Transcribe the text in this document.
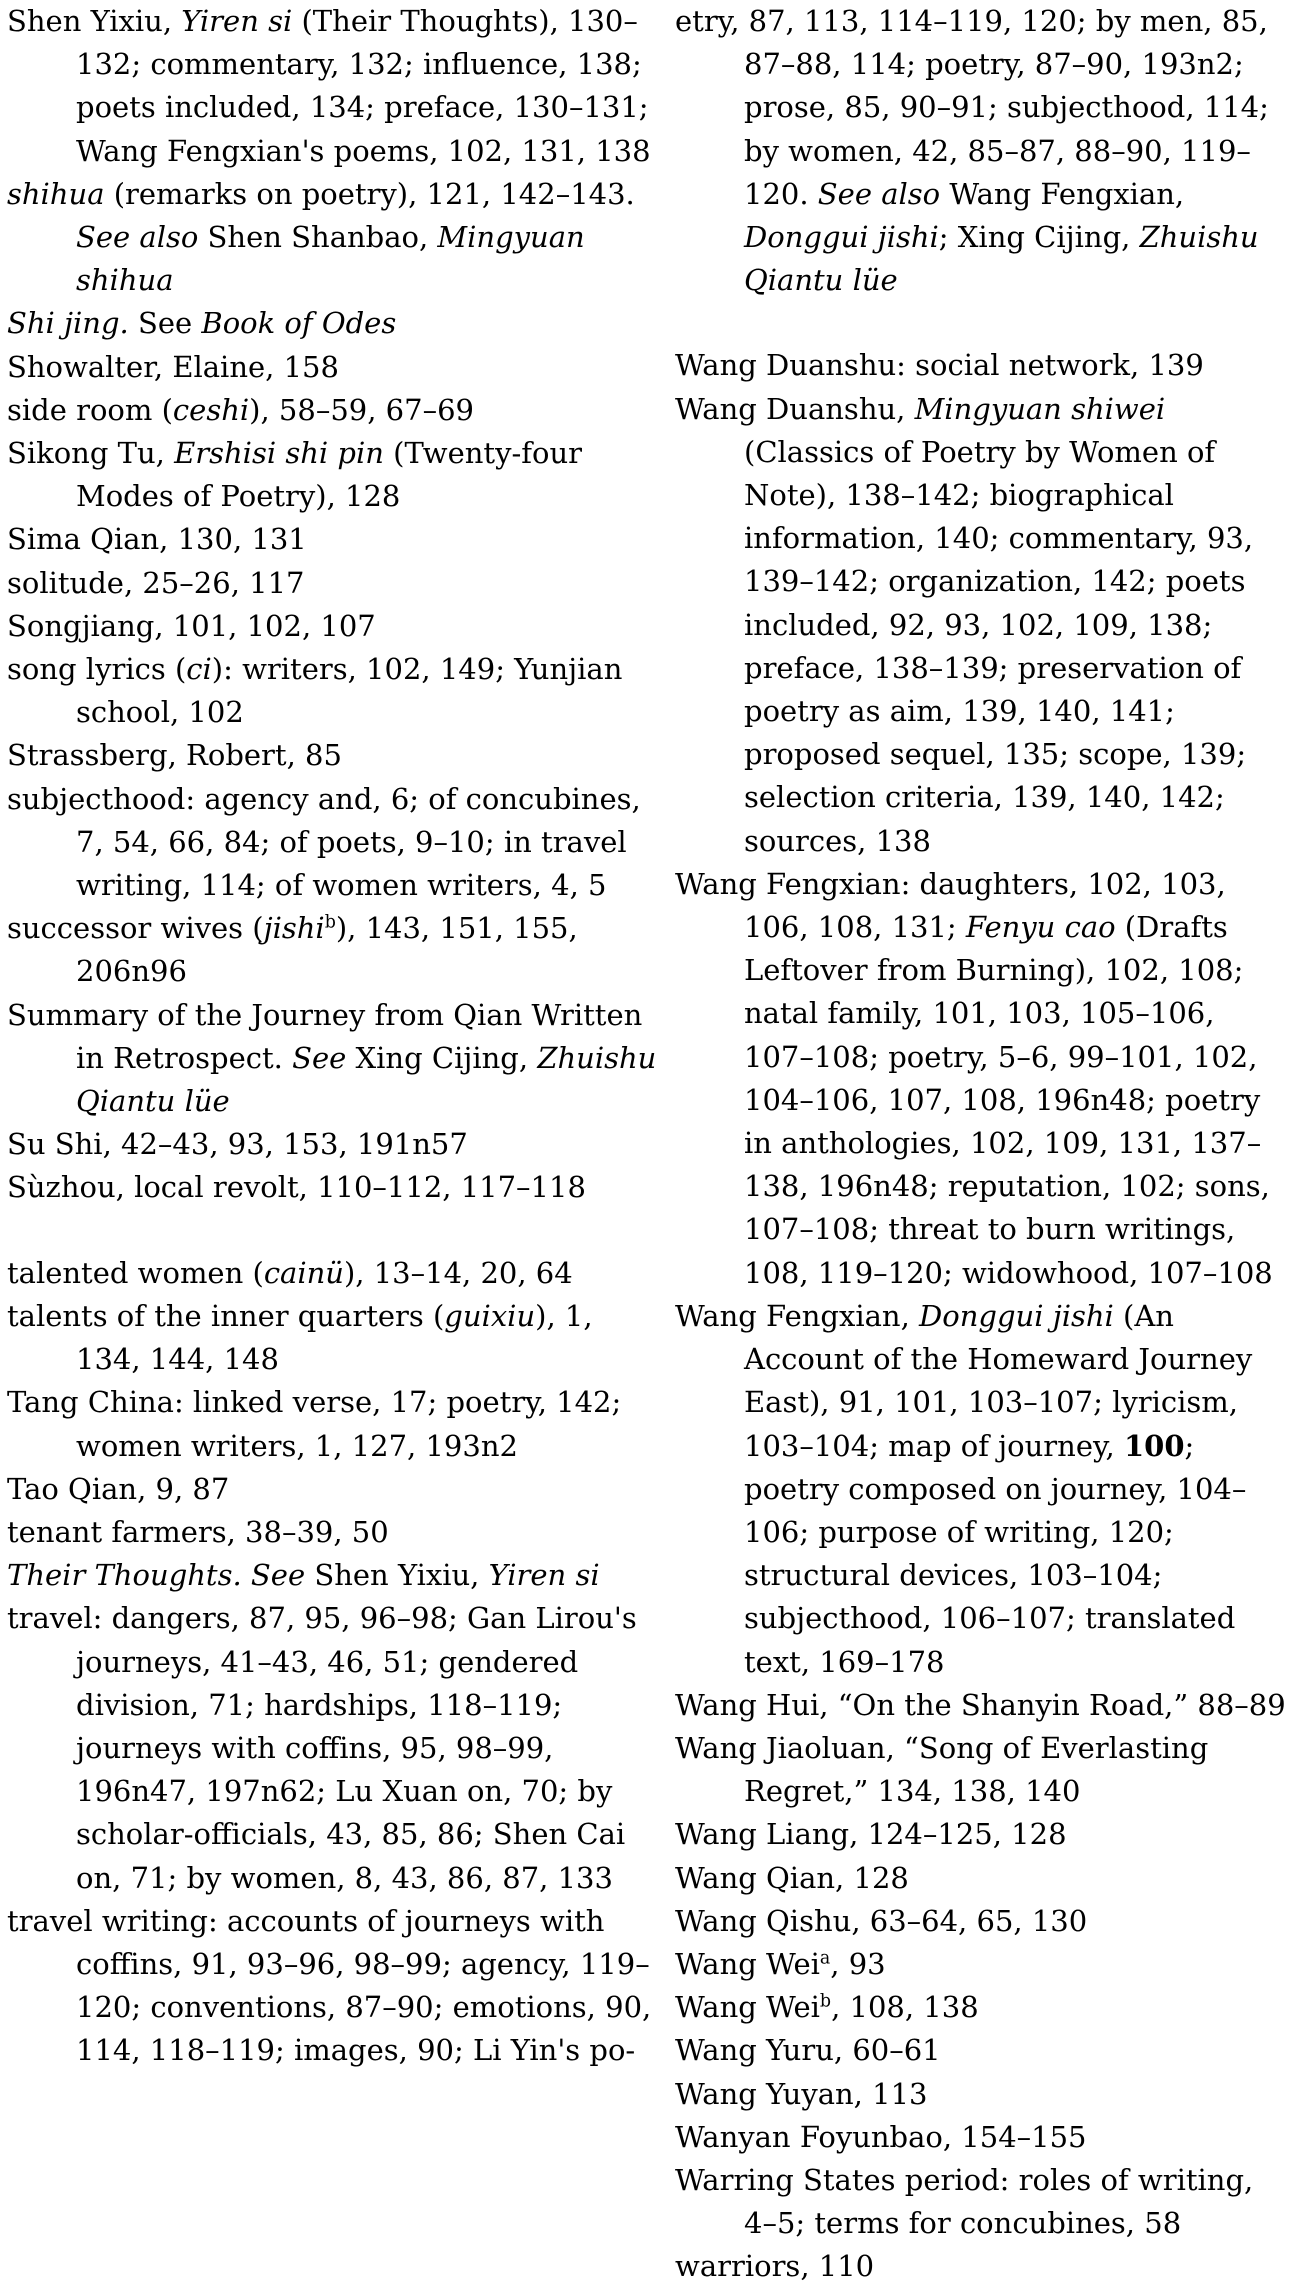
Shen Yixiu, Yiren si (Their Thoughts), 130–132; commentary, 132; influence, 138; poets included, 134; preface, 130–131; Wang Fengxian's poems, 102, 131, 138

shihua (remarks on poetry), 121, 142–143. See also Shen Shanbao, Mingyuan shihua

Shi jing. See Book of Odes

Showalter, Elaine, 158

side room (ceshi), 58–59, 67–69

Sikong Tu, Ershisi shi pin (Twenty-four Modes of Poetry), 128

Sima Qian, 130, 131

solitude, 25–26, 117

Songjiang, 101, 102, 107

song lyrics (ci): writers, 102, 149; Yunjian school, 102

Strassberg, Robert, 85

subjecthood: agency and, 6; of concubines, 7, 54, 66, 84; of poets, 9–10; in travel writing, 114; of women writers, 4, 5

successor wives (jishi$^b$), 143, 151, 155, 206n96

Summary of the Journey from Qian Written in Retrospect. See Xing Cijing, Zhuishu Qiantu lüe

Su Shi, 42–43, 93, 153, 191n57

Sùzhou, local revolt, 110–112, 117–118

talented women (cainü), 13–14, 20, 64

talents of the inner quarters (guixiu), 1, 134, 144, 148

Tang China: linked verse, 17; poetry, 142; women writers, 1, 127, 193n2

Tao Qian, 9, 87

tenant farmers, 38–39, 50

Their Thoughts. See Shen Yixiu, Yiren si

travel: dangers, 87, 95, 96–98; Gan Lirou's journeys, 41–43, 46, 51; gendered division, 71; hardships, 118–119; journeys with coffins, 95, 98–99, 196n47, 197n62; Lu Xuan on, 70; by scholar-officials, 43, 85, 86; Shen Cai on, 71; by women, 8, 43, 86, 87, 133

travel writing: accounts of journeys with coffins, 91, 93–96, 98–99; agency, 119–120; conventions, 87–90; emotions, 90, 114, 118–119; images, 90; Li Yin's po-

etry, 87, 113, 114–119, 120; by men, 85, 87–88, 114; poetry, 87–90, 193n2; prose, 85, 90–91; subjecthood, 114; by women, 42, 85–87, 88–90, 119–120. See also Wang Fengxian, Donggui jishi; Xing Cijing, Zhuishu Qiantu lüe

Wang Duanshu: social network, 139

Wang Duanshu, Mingyuan shiwei (Classics of Poetry by Women of Note), 138–142; biographical information, 140; commentary, 93, 139–142; organization, 142; poets included, 92, 93, 102, 109, 138; preface, 138–139; preservation of poetry as aim, 139, 140, 141; proposed sequel, 135; scope, 139; selection criteria, 139, 140, 142; sources, 138

Wang Fengxian: daughters, 102, 103, 106, 108, 131; Fenyu cao (Drafts Leftover from Burning), 102, 108; natal family, 101, 103, 105–106, 107–108; poetry, 5–6, 99–101, 102, 104–106, 107, 108, 196n48; poetry in anthologies, 102, 109, 131, 137–138, 196n48; reputation, 102; sons, 107–108; threat to burn writings, 108, 119–120; widowhood, 107–108

Wang Fengxian, Donggui jishi (An Account of the Homeward Journey East), 91, 101, 103–107; lyricism, 103–104; map of journey, 100; poetry composed on journey, 104–106; purpose of writing, 120; structural devices, 103–104; subjecthood, 106–107; translated text, 169–178

Wang Hui, “On the Shanyin Road,” 88–89

Wang Jiaoluan, “Song of Everlasting Regret,” 134, 138, 140

Wang Liang, 124–125, 128

Wang Qian, 128

Wang Qishu, 63–64, 65, 130

Wang Wei$^a$, 93

Wang Wei$^b$, 108, 138

Wang Yuru, 60–61

Wang Yuyan, 113

Wanyan Foyunbao, 154–155

Warring States period: roles of writing, 4–5; terms for concubines, 58

warriors, 110
